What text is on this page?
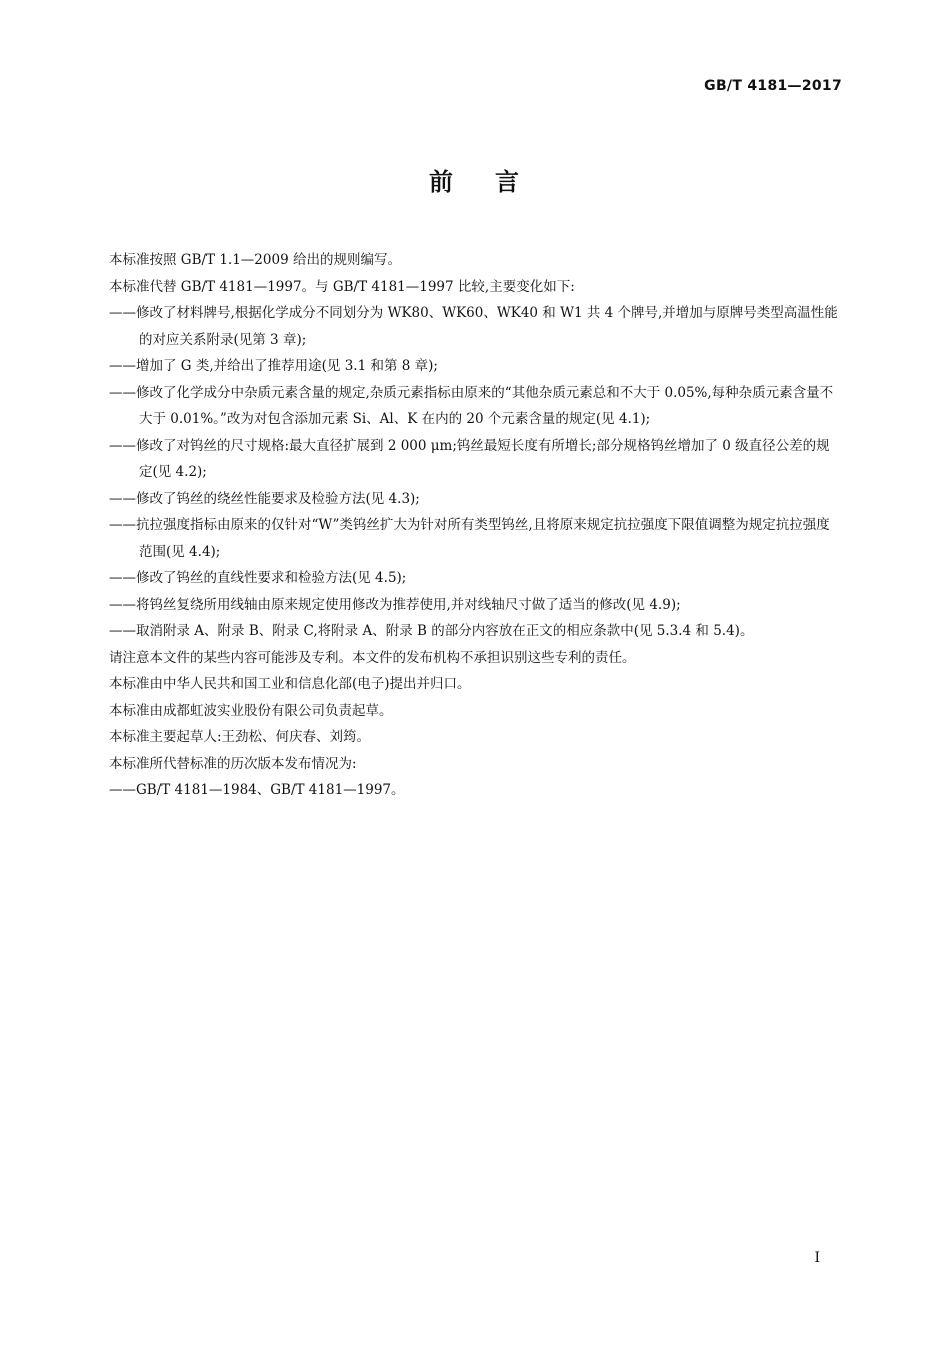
GB/T 4181—2017
前 言

本标准按照 GB/T 1.1—2009 给出的规则编写。

本标准代替 GB/T 4181—1997。与 GB/T 4181—1997 比较,主要变化如下:

——修改了材料牌号,根据化学成分不同划分为 WK80、WK60、WK40 和 W1 共 4 个牌号,并增加与原牌号类型高温性能的对应关系附录(见第 3 章);

——增加了 G 类,并给出了推荐用途(见 3.1 和第 8 章);

——修改了化学成分中杂质元素含量的规定,杂质元素指标由原来的“其他杂质元素总和不大于 0.05%,每种杂质元素含量不大于 0.01%。”改为对包含添加元素 Si、Al、K 在内的 20 个元素含量的规定(见 4.1);

——修改了对钨丝的尺寸规格:最大直径扩展到 2 000 μm;钨丝最短长度有所增长;部分规格钨丝增加了 0 级直径公差的规定(见 4.2);

——修改了钨丝的绕丝性能要求及检验方法(见 4.3);

——抗拉强度指标由原来的仅针对“W”类钨丝扩大为针对所有类型钨丝,且将原来规定抗拉强度下限值调整为规定抗拉强度范围(见 4.4);

——修改了钨丝的直线性要求和检验方法(见 4.5);

——将钨丝复绕所用线轴由原来规定使用修改为推荐使用,并对线轴尺寸做了适当的修改(见 4.9);

——取消附录 A、附录 B、附录 C,将附录 A、附录 B 的部分内容放在正文的相应条款中(见 5.3.4 和 5.4)。

请注意本文件的某些内容可能涉及专利。本文件的发布机构不承担识别这些专利的责任。

本标准由中华人民共和国工业和信息化部(电子)提出并归口。

本标准由成都虹波实业股份有限公司负责起草。

本标准主要起草人:王劲松、何庆春、刘筠。

本标准所代替标准的历次版本发布情况为:

——GB/T 4181—1984、GB/T 4181—1997。

I
